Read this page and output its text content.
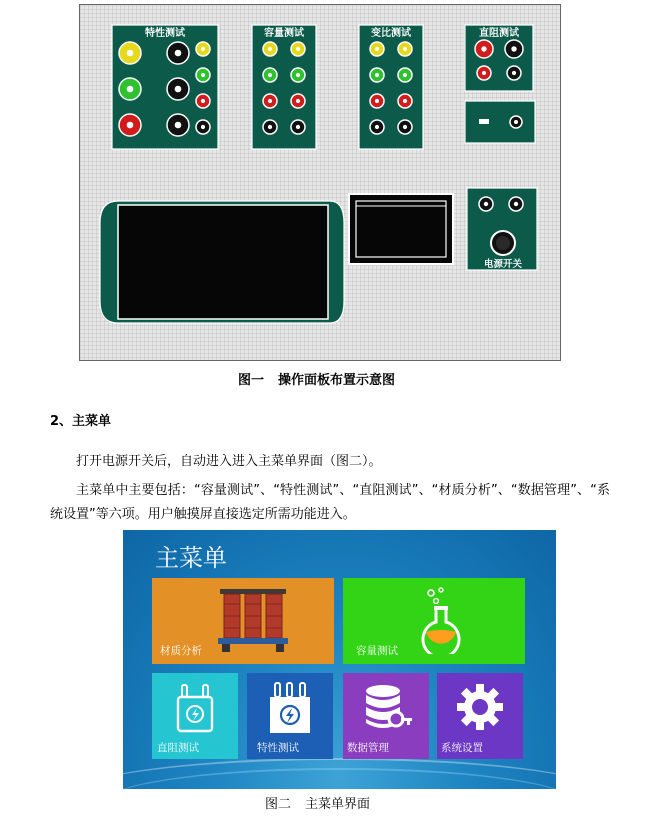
特性测试	容量测试	变比测试	直阻测试
电源开关
图一 操作面板布置示意图
2、主菜单
打开电源开关后，自动进入进入主菜单界面（图二）。
主菜单中主要包括：“容量测试”、“特性测试”、“直阻测试”、“材质分析”、“数据管理”、“系统设置”等六项。用户触摸屏直接选定所需功能进入。
主菜单
材质分析	容量测试
直阻测试	特性测试	数据管理	系统设置
图二 主菜单界面
